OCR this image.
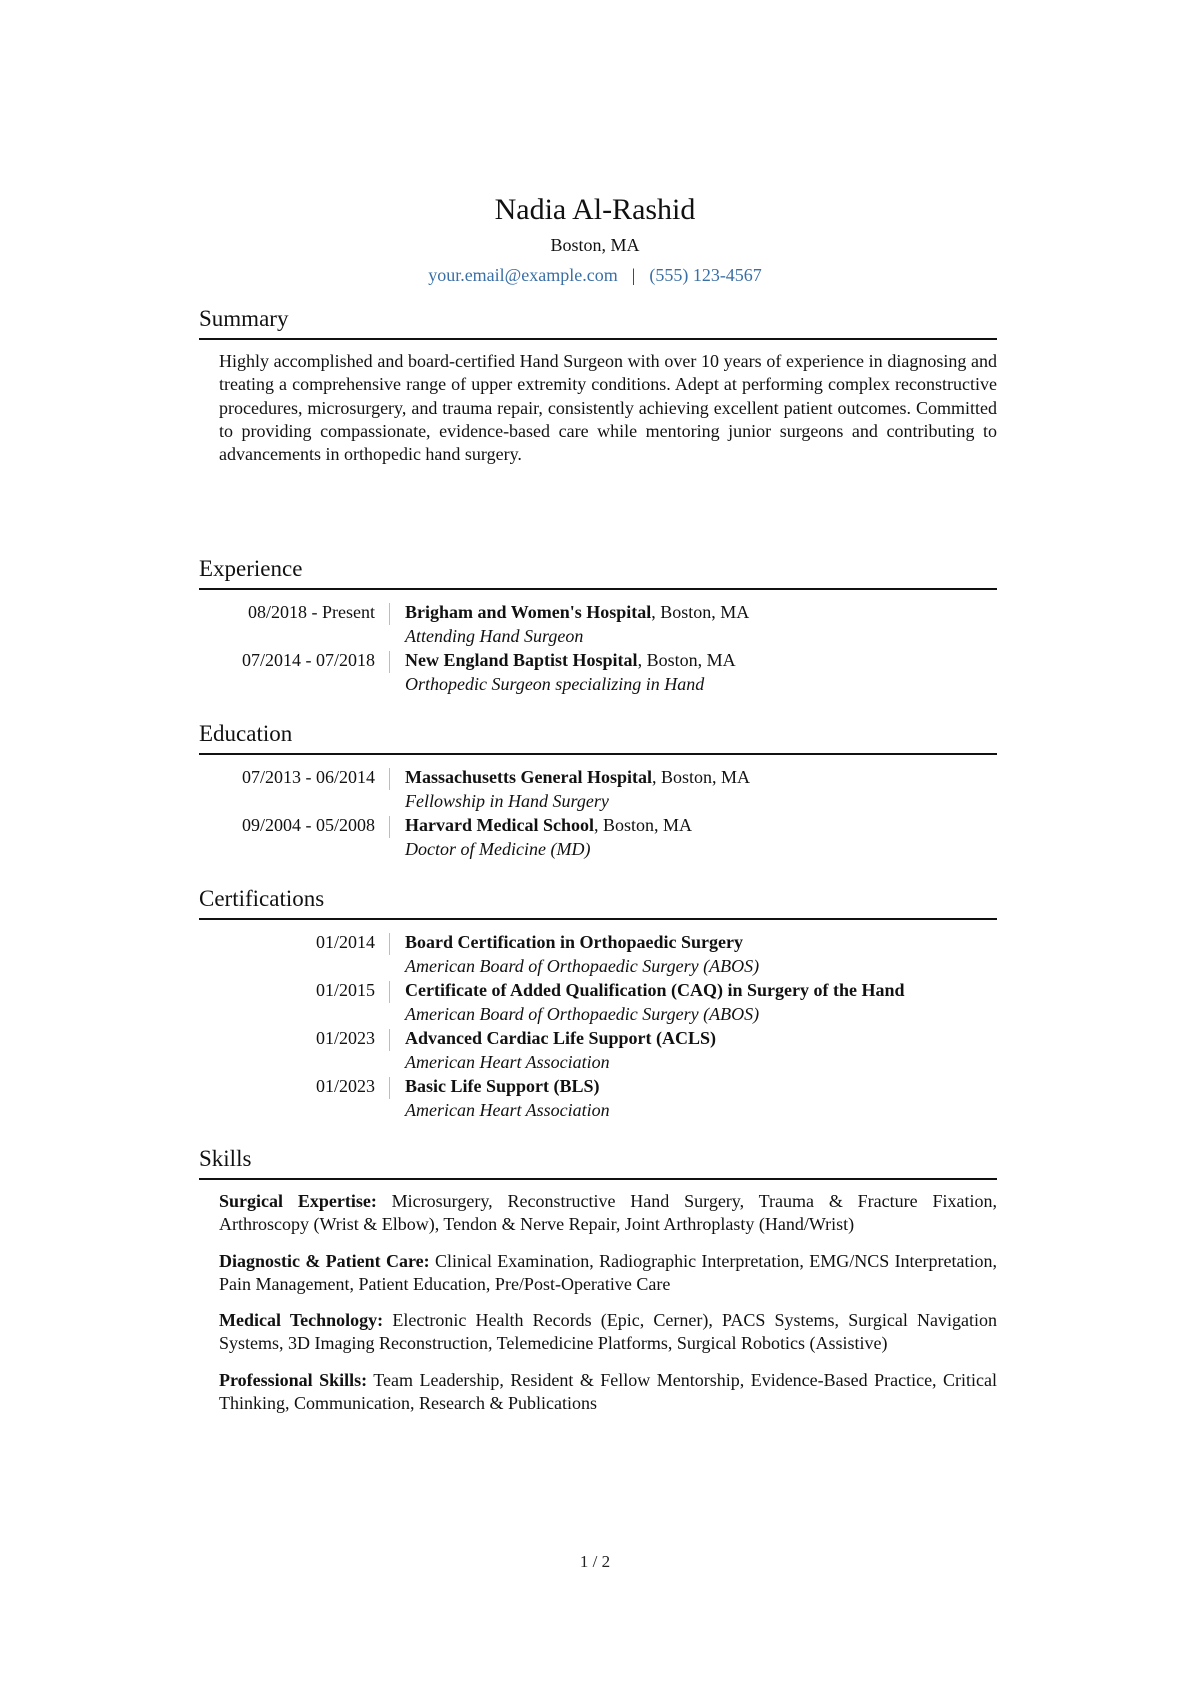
Nadia Al-Rashid
Boston, MA
your.email@example.com | (555) 123-4567
Summary
Highly accomplished and board-certified Hand Surgeon with over 10 years of experience in diagnosing and treating a comprehensive range of upper extremity conditions. Adept at performing complex reconstructive procedures, microsurgery, and trauma repair, consistently achieving excellent patient outcomes. Committed to providing compassionate, evidence-based care while mentoring junior surgeons and contributing to advancements in orthopedic hand surgery.
Experience
08/2018 - Present	Brigham and Women's Hospital, Boston, MA
Attending Hand Surgeon
07/2014 - 07/2018	New England Baptist Hospital, Boston, MA
Orthopedic Surgeon specializing in Hand
Education
07/2013 - 06/2014	Massachusetts General Hospital, Boston, MA
Fellowship in Hand Surgery
09/2004 - 05/2008	Harvard Medical School, Boston, MA
Doctor of Medicine (MD)
Certifications
01/2014	Board Certification in Orthopaedic Surgery
American Board of Orthopaedic Surgery (ABOS)
01/2015	Certificate of Added Qualification (CAQ) in Surgery of the Hand
American Board of Orthopaedic Surgery (ABOS)
01/2023	Advanced Cardiac Life Support (ACLS)
American Heart Association
01/2023	Basic Life Support (BLS)
American Heart Association
Skills
Surgical Expertise: Microsurgery, Reconstructive Hand Surgery, Trauma & Fracture Fixation, Arthroscopy (Wrist & Elbow), Tendon & Nerve Repair, Joint Arthroplasty (Hand/Wrist)
Diagnostic & Patient Care: Clinical Examination, Radiographic Interpretation, EMG/NCS Interpretation, Pain Management, Patient Education, Pre/Post-Operative Care
Medical Technology: Electronic Health Records (Epic, Cerner), PACS Systems, Surgical Navigation Systems, 3D Imaging Reconstruction, Telemedicine Platforms, Surgical Robotics (Assistive)
Professional Skills: Team Leadership, Resident & Fellow Mentorship, Evidence-Based Practice, Critical Thinking, Communication, Research & Publications
1 / 2
